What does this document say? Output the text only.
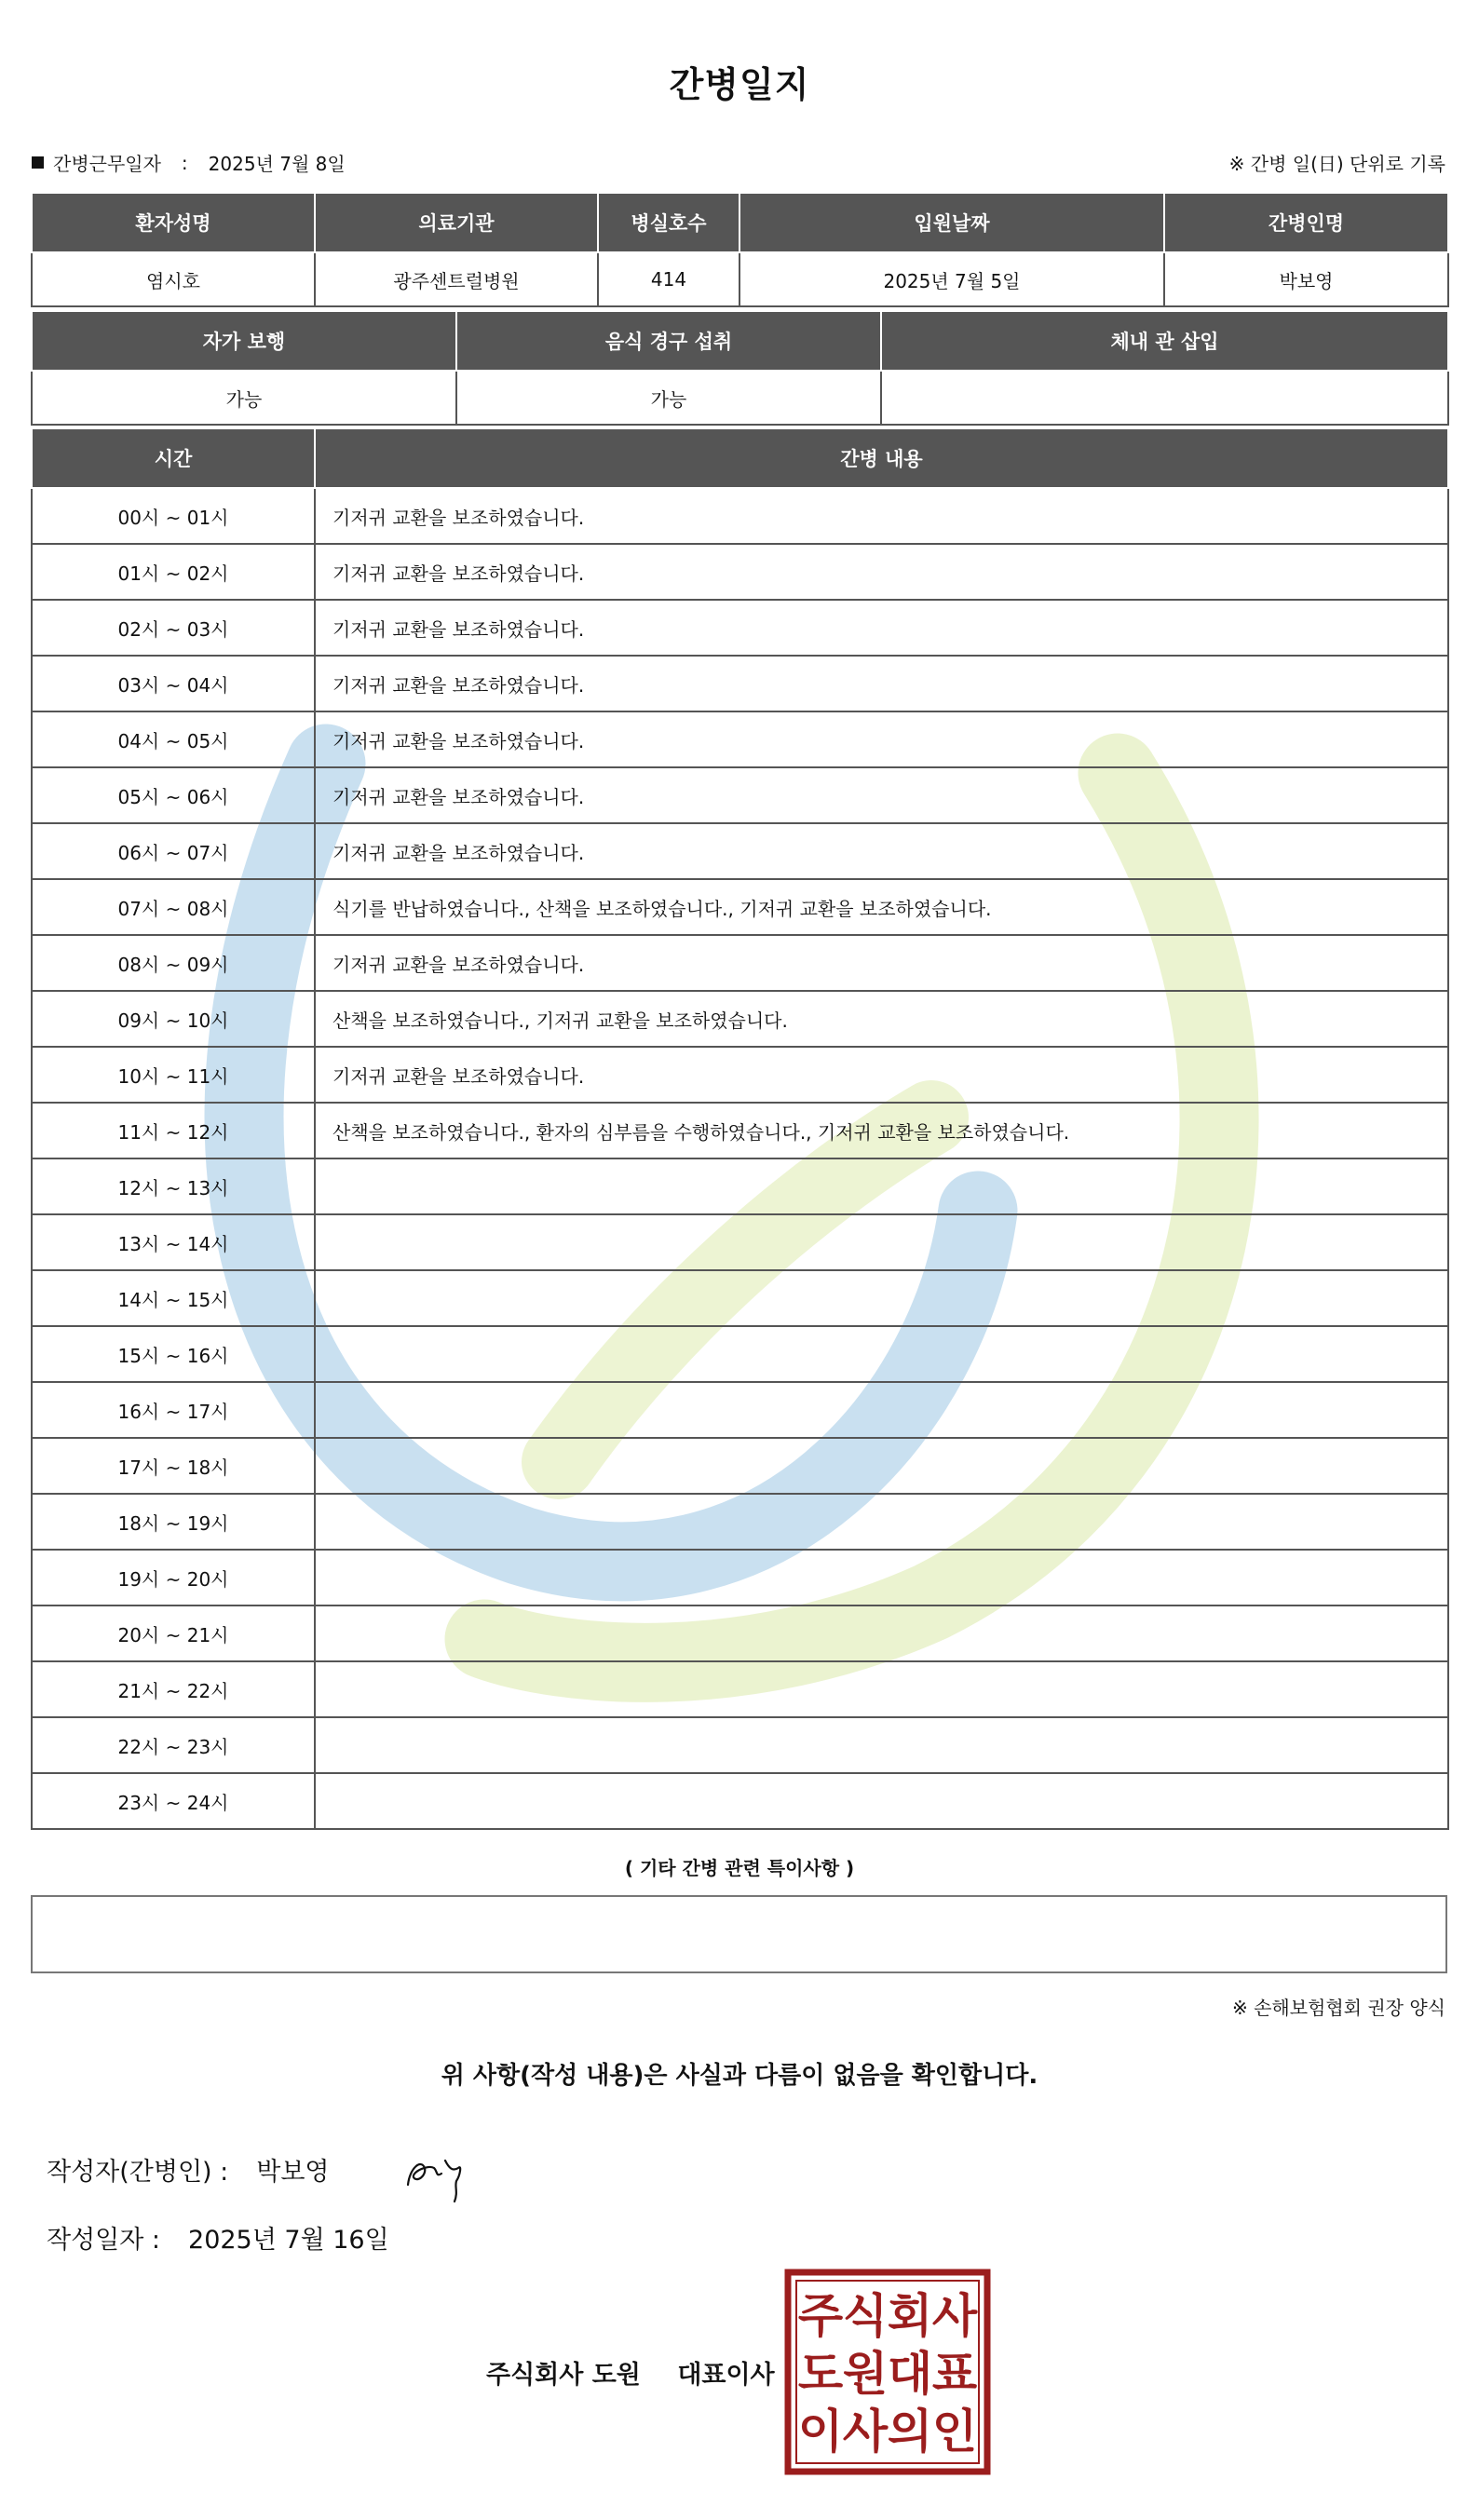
간병일지
간병근무일자 : 2025년 7월 8일	※ 간병 일(日) 단위로 기록
환자성명	의료기관	병실호수	입원날짜	간병인명
염시호	광주센트럴병원	414	2025년 7월 5일	박보영
자가 보행	음식 경구 섭취	체내 관 삽입
가능	가능	
시간	간병 내용
00시 ~ 01시	기저귀 교환을 보조하였습니다.
01시 ~ 02시	기저귀 교환을 보조하였습니다.
02시 ~ 03시	기저귀 교환을 보조하였습니다.
03시 ~ 04시	기저귀 교환을 보조하였습니다.
04시 ~ 05시	기저귀 교환을 보조하였습니다.
05시 ~ 06시	기저귀 교환을 보조하였습니다.
06시 ~ 07시	기저귀 교환을 보조하였습니다.
07시 ~ 08시	식기를 반납하였습니다., 산책을 보조하였습니다., 기저귀 교환을 보조하였습니다.
08시 ~ 09시	기저귀 교환을 보조하였습니다.
09시 ~ 10시	산책을 보조하였습니다., 기저귀 교환을 보조하였습니다.
10시 ~ 11시	기저귀 교환을 보조하였습니다.
11시 ~ 12시	산책을 보조하였습니다., 환자의 심부름을 수행하였습니다., 기저귀 교환을 보조하였습니다.
12시 ~ 13시	
13시 ~ 14시	
14시 ~ 15시	
15시 ~ 16시	
16시 ~ 17시	
17시 ~ 18시	
18시 ~ 19시	
19시 ~ 20시	
20시 ~ 21시	
21시 ~ 22시	
22시 ~ 23시	
23시 ~ 24시	
( 기타 간병 관련 특이사항 )
※ 손해보험협회 권장 양식
위 사항(작성 내용)은 사실과 다름이 없음을 확인합니다.
작성자(간병인) : 박보영
작성일자 : 2025년 7월 16일
주식회사 도원 대표이사
주 식 회 사
도 원 대 표
이 사 의 인
